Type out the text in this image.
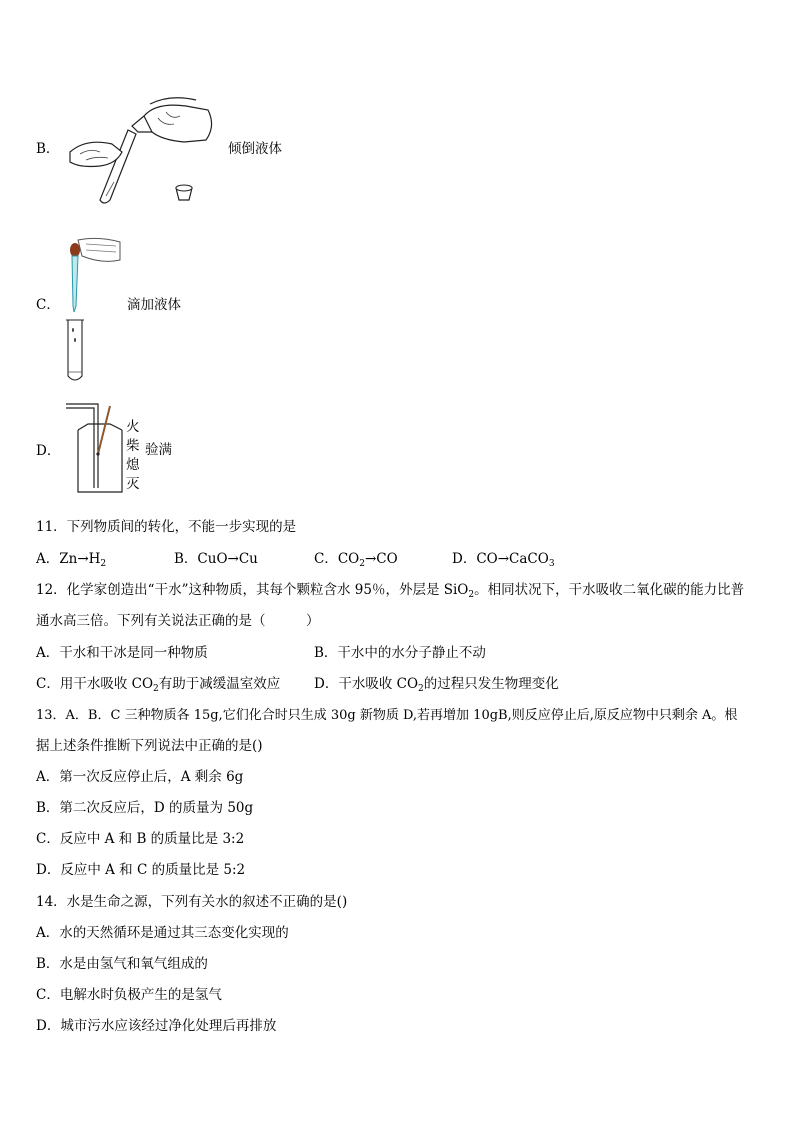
B．	倾倒液体
C．	滴加液体
D．
火
柴
熄
灭
验满
11．下列物质间的转化，不能一步实现的是
A．$Zn\to H_2$	B．CuO→Cu	C．$CO_2\to CO$	D．CO→CaCO$_3$
12．化学家创造出“干水”这种物质，其每个颗粒含水 95％，外层是 SiO$_2$。相同状况下，干水吸收二氧化碳的能力比普
通水高三倍。下列有关说法正确的是（　　　）
A．干水和干冰是同一种物质	B．干水中的水分子静止不动
C．用干水吸收 $CO_2$有助于减缓温室效应 D．干水吸收 $CO_2$的过程只发生物理变化
13．A．B．C 三种物质各 15g,它们化合时只生成 30g 新物质 D,若再增加 10gB,则反应停止后,原反应物中只剩余 A。根
据上述条件推断下列说法中正确的是()
A．第一次反应停止后，A 剩余 6g
B．第二次反应后，D 的质量为 50g
C．反应中 A 和 B 的质量比是 3:2
D．反应中 A 和 C 的质量比是 5:2
14．水是生命之源，下列有关水的叙述不正确的是()
A．水的天然循环是通过其三态变化实现的
B．水是由氢气和氧气组成的
C．电解水时负极产生的是氢气
D．城市污水应该经过净化处理后再排放
